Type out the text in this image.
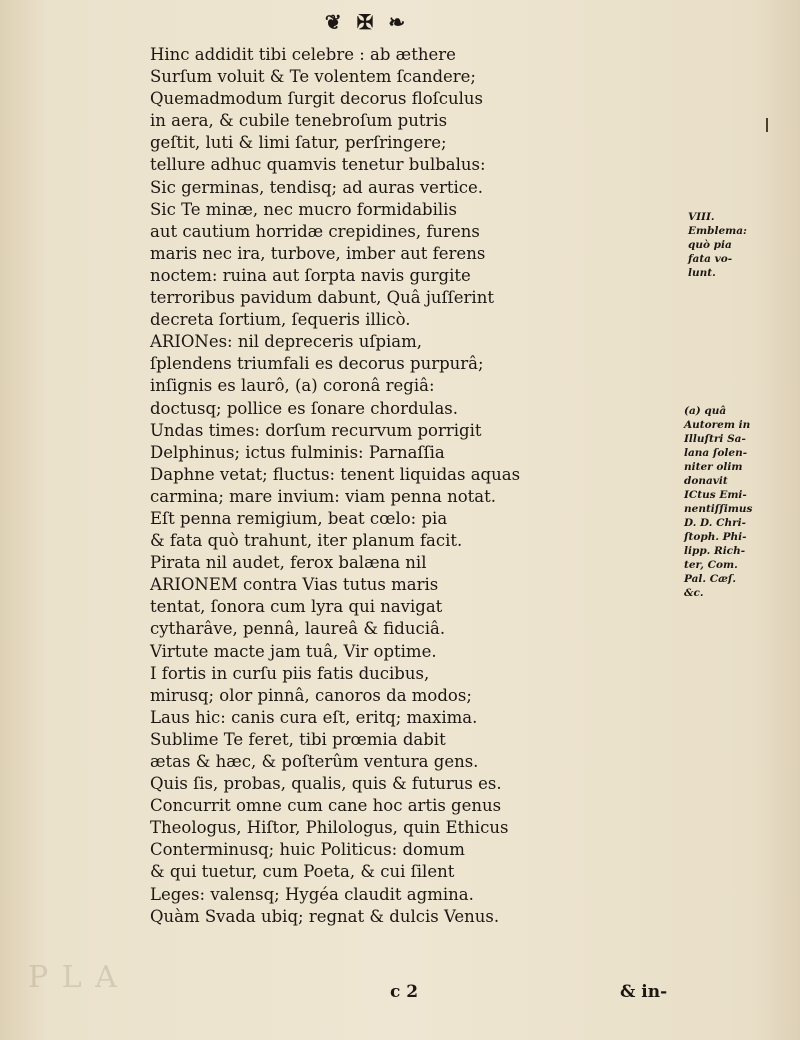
❦ ✠ ❧
Hinc addidit tibi celebre : ab æthere
Surſum voluit & Te volentem ſcandere;
Quemadmodum ſurgit decorus floſculus
in aera, & cubile tenebroſum putris
geſtit, luti & limi ſatur, perſringere;
tellure adhuc quamvis tenetur bulbalus:
Sic germinas, tendisq; ad auras vertice.
Sic Te minæ, nec mucro formidabilis
aut cautium horridæ crepidines, furens
maris nec ira, turbove, imber aut ferens
noctem: ruina aut ſorpta navis gurgite
terroribus pavidum dabunt, Quâ juſſerint
decreta ſortium, ſequeris illicò.
ARIONes: nil depreceris uſpiam,
ſplendens triumfali es decorus purpurâ;
inſignis es laurô, (a) coronâ regiâ:
doctusq; pollice es ſonare chordulas.
Undas times: dorſum recurvum porrigit
Delphinus; ictus fulminis: Parnaſſia
Daphne vetat; fluctus: tenent liquidas aquas
carmina; mare invium: viam penna notat.
Eſt penna remigium, beat cœlo: pia
& fata quò trahunt, iter planum facit.
Pirata nil audet, ferox balæna nil
ARIONEM contra Vias tutus maris
tentat, ſonora cum lyra qui navigat
cytharâve, pennâ, laureâ & fiduciâ.
Virtute macte jam tuâ, Vir optime.
I fortis in curſu piis fatis ducibus,
mirusq; olor pinnâ, canoros da modos;
Laus hic: canis cura eſt, eritq; maxima.
Sublime Te feret, tibi prœmia dabit
ætas & hæc, & poſterûm ventura gens.
Quis ſis, probas, qualis, quis & futurus es.
Concurrit omne cum cane hoc artis genus
Theologus, Hiſtor, Philologus, quin Ethicus
Conterminusq; huic Politicus: domum
& qui tuetur, cum Poeta, & cui ſilent
Leges: valensq; Hygéa claudit agmina.
Quàm Svada ubiq; regnat & dulcis Venus.
VIII.
Emblema:
quò pia
fata vo-
lunt.
(a) quâ
Autorem in
Illuſtri Sa-
lana ſolen-
niter olim
donavit
ICtus Emi-
nentiſſimus
D. D. Chri-
ſtoph. Phi-
lipp. Rich-
ter, Com.
Pal. Cæſ.
&c.
P L A	c 2	& in-
